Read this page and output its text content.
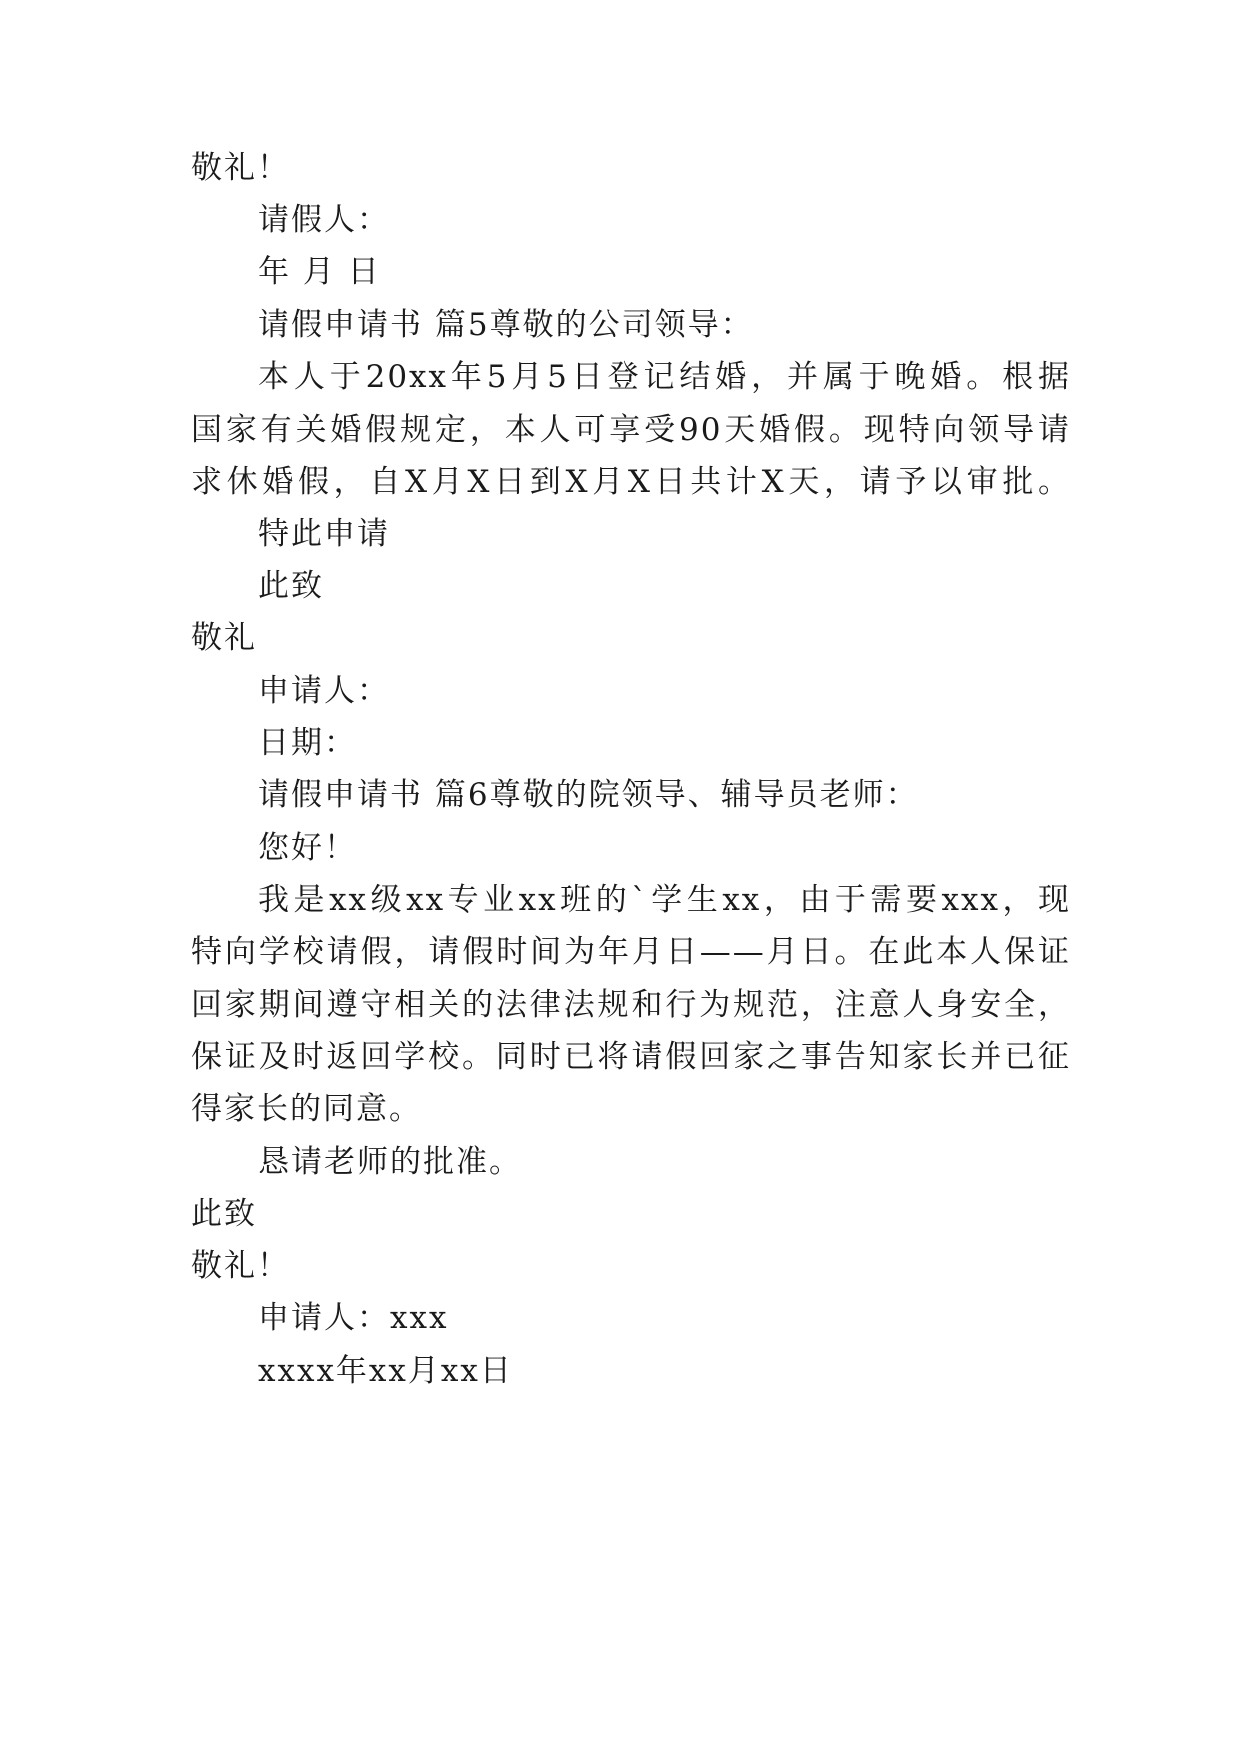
敬礼！
请假人：
年 月 日
请假申请书 篇5尊敬的公司领导：
本人于20xx年5月5日登记结婚，并属于晚婚。根据
国家有关婚假规定，本人可享受90天婚假。现特向领导请
求休婚假，自X月X日到X月X日共计X天，请予以审批。
特此申请
此致
敬礼
申请人：
日期：
请假申请书 篇6尊敬的院领导、辅导员老师：
您好！
我是xx级xx专业xx班的`学生xx，由于需要xxx，现
特向学校请假，请假时间为年月日——月日。在此本人保证
回家期间遵守相关的法律法规和行为规范，注意人身安全，
保证及时返回学校。同时已将请假回家之事告知家长并已征
得家长的同意。
恳请老师的批准。
此致
敬礼！
申请人：xxx
xxxx年xx月xx日
